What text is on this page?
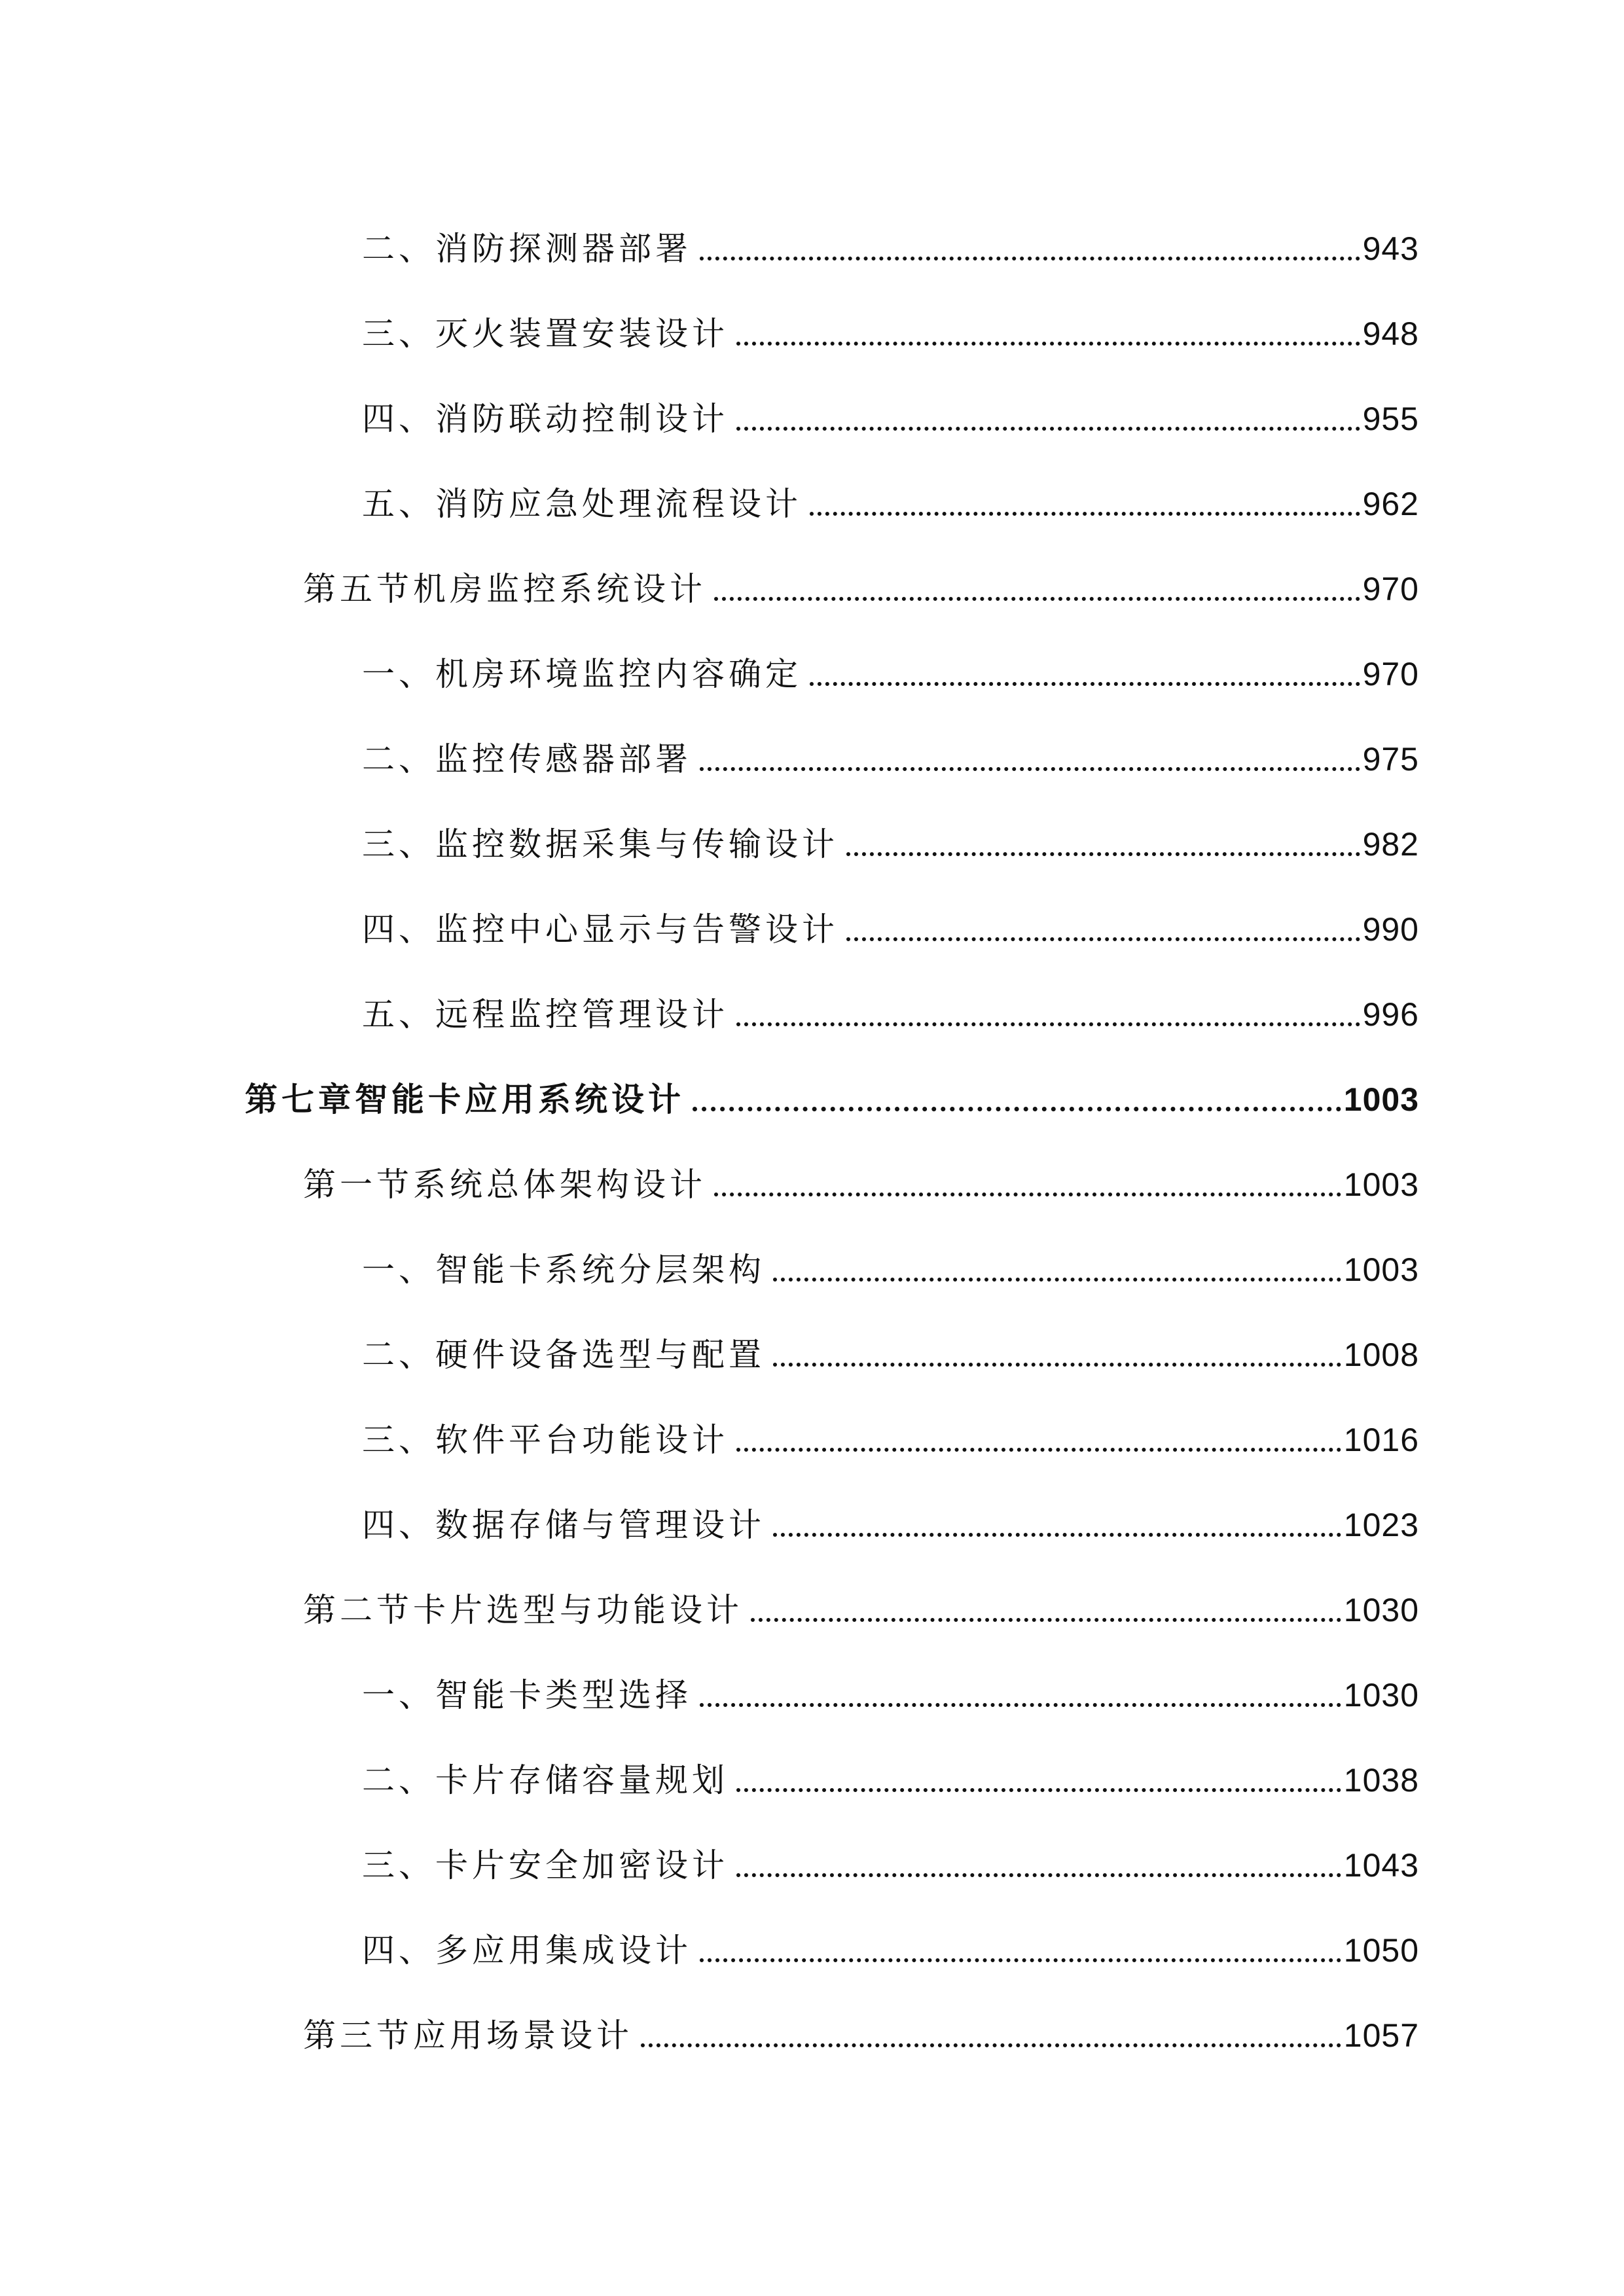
二、消防探测器部署	943
三、灭火装置安装设计	948
四、消防联动控制设计	955
五、消防应急处理流程设计	962
第五节机房监控系统设计	970
一、机房环境监控内容确定	970
二、监控传感器部署	975
三、监控数据采集与传输设计	982
四、监控中心显示与告警设计	990
五、远程监控管理设计	996
第七章智能卡应用系统设计	1003
第一节系统总体架构设计	1003
一、智能卡系统分层架构	1003
二、硬件设备选型与配置	1008
三、软件平台功能设计	1016
四、数据存储与管理设计	1023
第二节卡片选型与功能设计	1030
一、智能卡类型选择	1030
二、卡片存储容量规划	1038
三、卡片安全加密设计	1043
四、多应用集成设计	1050
第三节应用场景设计	1057
